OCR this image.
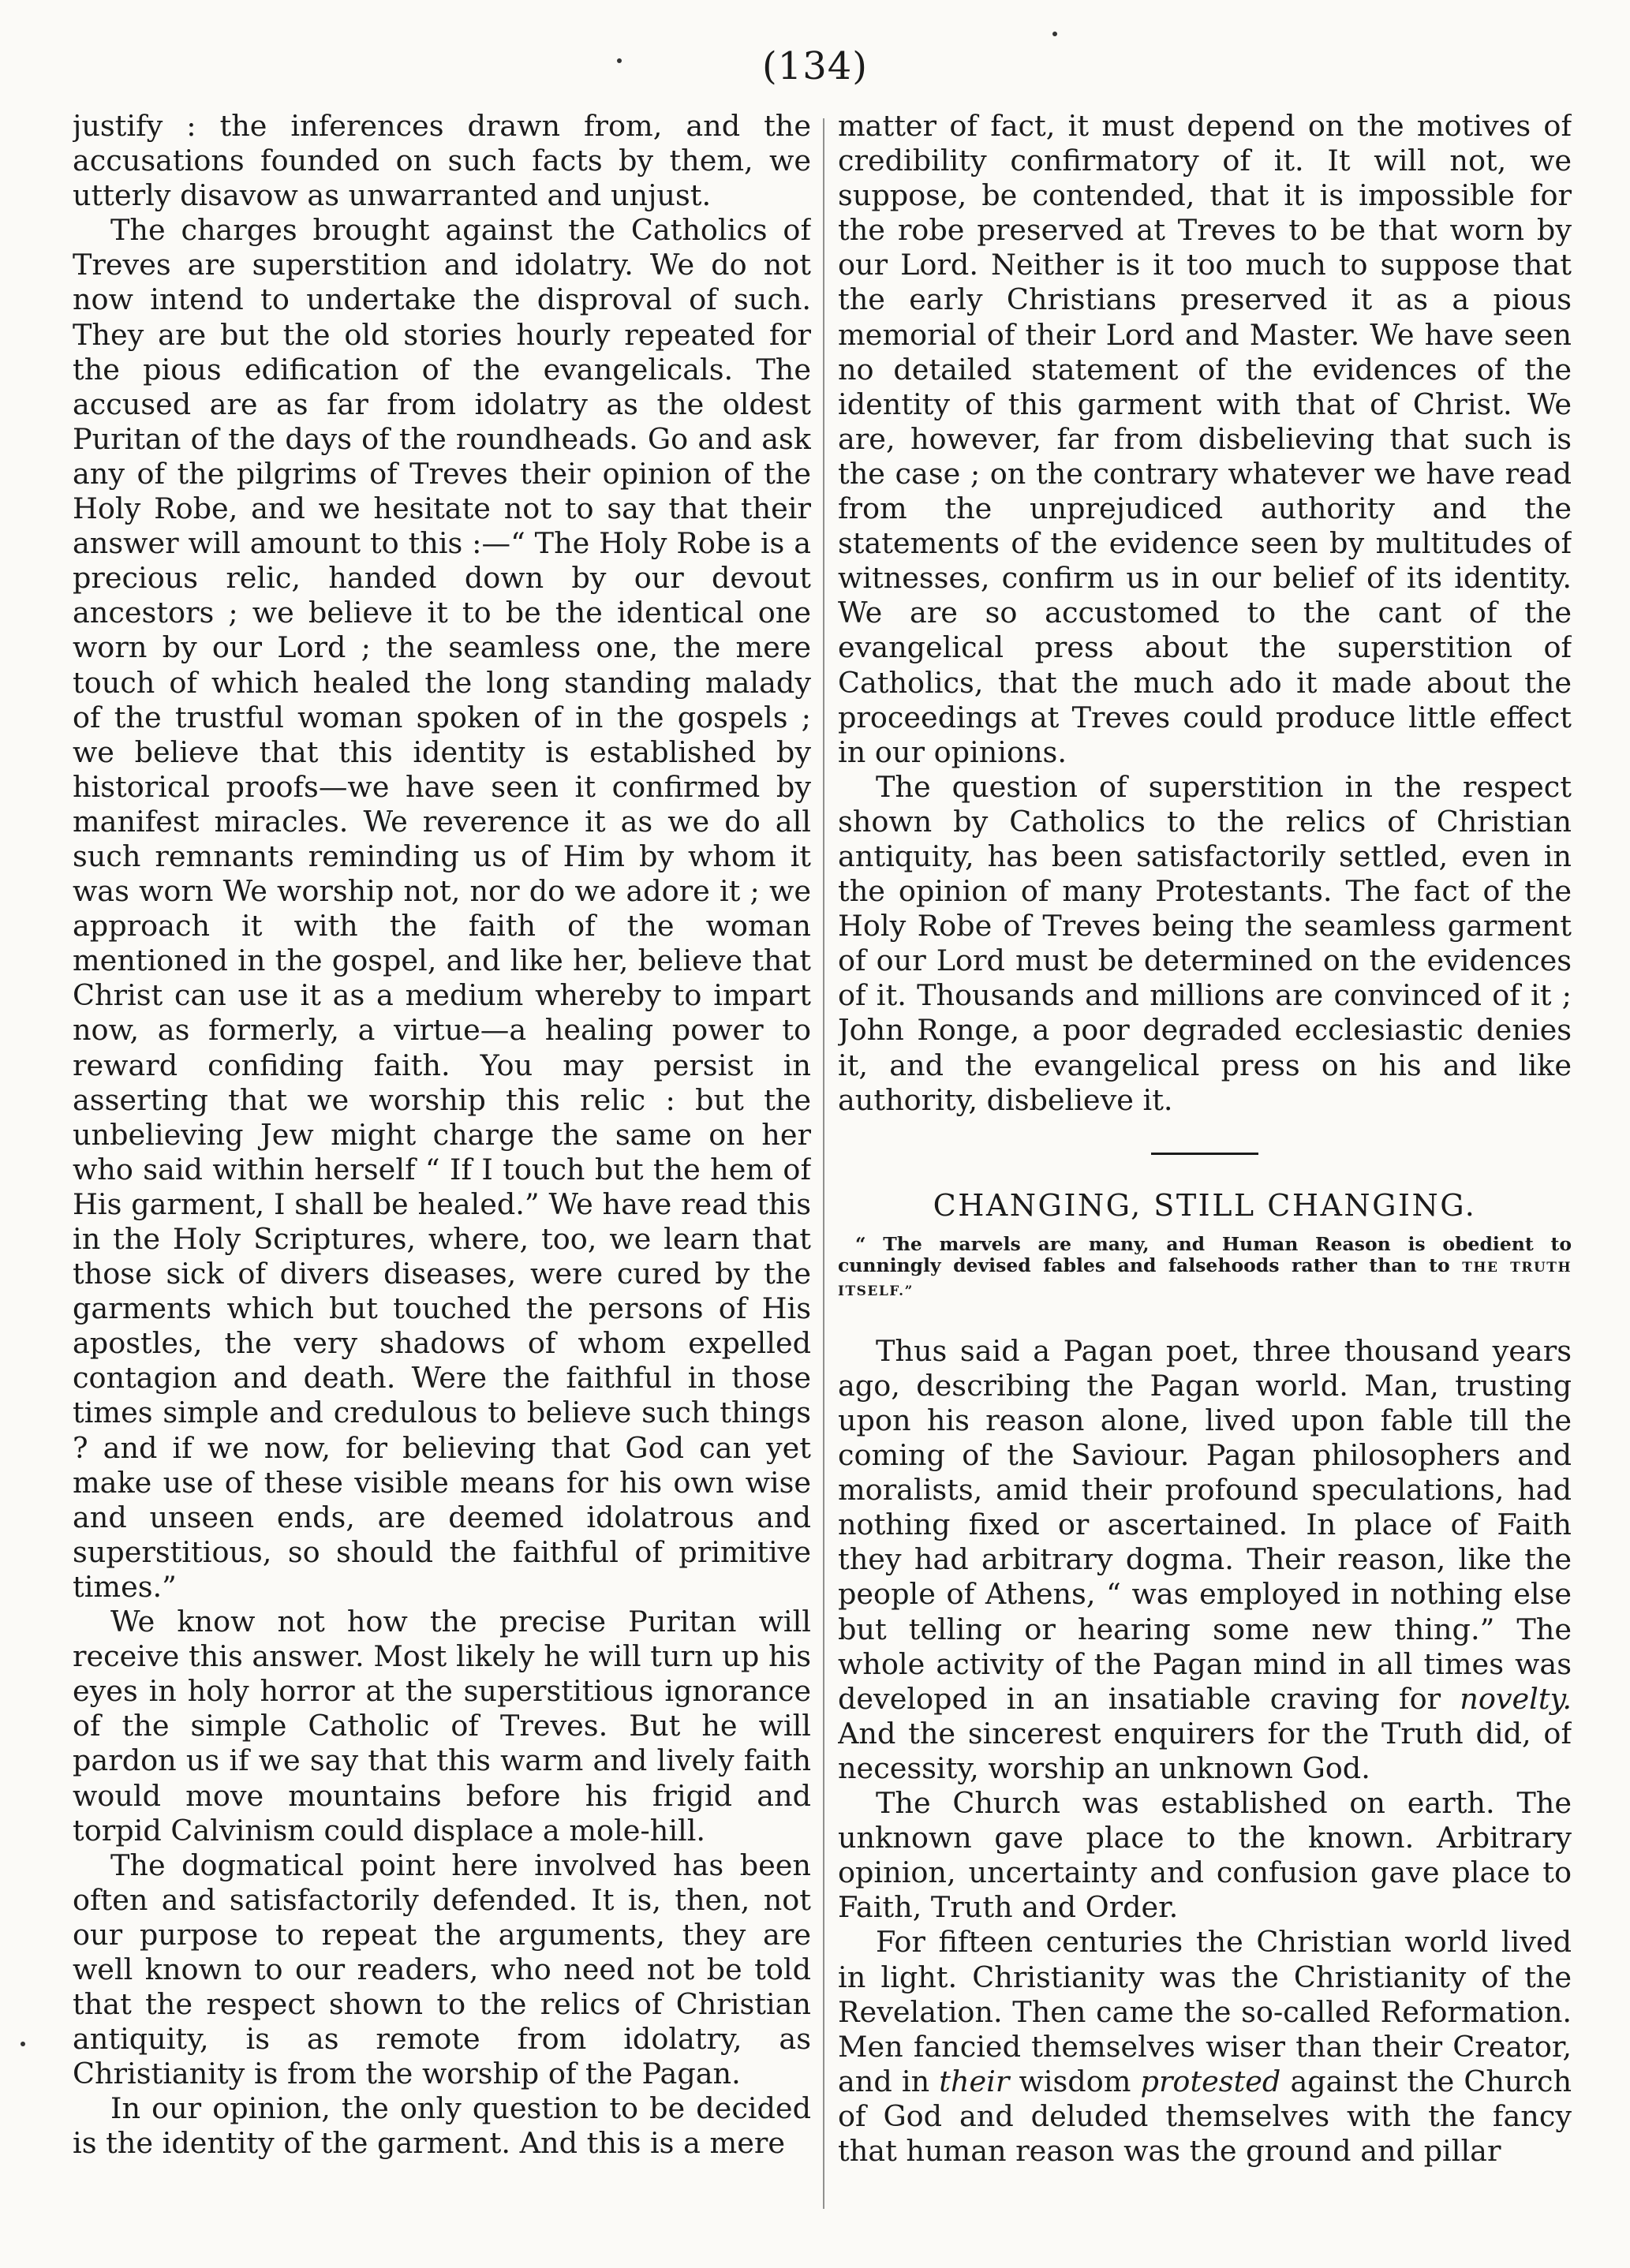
(134)

justify : the inferences drawn from, and the accusations founded on such facts by them, we utterly disavow as unwarranted and unjust.

The charges brought against the Catholics of Treves are superstition and idolatry. We do not now intend to undertake the disproval of such. They are but the old stories hourly repeated for the pious edification of the evangelicals. The accused are as far from idolatry as the oldest Puritan of the days of the roundheads. Go and ask any of the pilgrims of Treves their opinion of the Holy Robe, and we hesitate not to say that their answer will amount to this :—“ The Holy Robe is a precious relic, handed down by our devout ancestors ; we believe it to be the identical one worn by our Lord ; the seamless one, the mere touch of which healed the long standing malady of the trustful woman spoken of in the gospels ; we believe that this identity is established by historical proofs—we have seen it confirmed by manifest miracles. We reverence it as we do all such remnants reminding us of Him by whom it was worn We worship not, nor do we adore it ; we approach it with the faith of the woman mentioned in the gospel, and like her, believe that Christ can use it as a medium whereby to impart now, as formerly, a virtue—a healing power to reward confiding faith. You may persist in asserting that we worship this relic : but the unbelieving Jew might charge the same on her who said within herself “ If I touch but the hem of His garment, I shall be healed.” We have read this in the Holy Scriptures, where, too, we learn that those sick of divers diseases, were cured by the garments which but touched the persons of His apostles, the very shadows of whom expelled contagion and death. Were the faithful in those times simple and credulous to believe such things ? and if we now, for believing that God can yet make use of these visible means for his own wise and unseen ends, are deemed idolatrous and superstitious, so should the faithful of primitive times.”

We know not how the precise Puritan will receive this answer. Most likely he will turn up his eyes in holy horror at the superstitious ignorance of the simple Catholic of Treves. But he will pardon us if we say that this warm and lively faith would move mountains before his frigid and torpid Calvinism could displace a mole-hill.

The dogmatical point here involved has been often and satisfactorily defended. It is, then, not our purpose to repeat the arguments, they are well known to our readers, who need not be told that the respect shown to the relics of Christian antiquity, is as remote from idolatry, as Christianity is from the worship of the Pagan.

In our opinion, the only question to be decided is the identity of the garment. And this is a mere

matter of fact, it must depend on the motives of credibility confirmatory of it. It will not, we suppose, be contended, that it is impossible for the robe preserved at Treves to be that worn by our Lord. Neither is it too much to suppose that the early Christians preserved it as a pious memorial of their Lord and Master. We have seen no detailed statement of the evidences of the identity of this garment with that of Christ. We are, however, far from disbelieving that such is the case ; on the contrary whatever we have read from the unprejudiced authority and the statements of the evidence seen by multitudes of witnesses, confirm us in our belief of its identity. We are so accustomed to the cant of the evangelical press about the superstition of Catholics, that the much ado it made about the proceedings at Treves could produce little effect in our opinions.

The question of superstition in the respect shown by Catholics to the relics of Christian antiquity, has been satisfactorily settled, even in the opinion of many Protestants. The fact of the Holy Robe of Treves being the seamless garment of our Lord must be determined on the evidences of it. Thousands and millions are convinced of it ; John Ronge, a poor degraded ecclesiastic denies it, and the evangelical press on his and like authority, disbelieve it.

CHANGING, STILL CHANGING.

“ The marvels are many, and Human Reason is obedient to cunningly devised fables and falsehoods rather than to THE TRUTH ITSELF.”

Thus said a Pagan poet, three thousand years ago, describing the Pagan world. Man, trusting upon his reason alone, lived upon fable till the coming of the Saviour. Pagan philosophers and moralists, amid their profound speculations, had nothing fixed or ascertained. In place of Faith they had arbitrary dogma. Their reason, like the people of Athens, “ was employed in nothing else but telling or hearing some new thing.” The whole activity of the Pagan mind in all times was developed in an insatiable craving for novelty. And the sincerest enquirers for the Truth did, of necessity, worship an unknown God.

The Church was established on earth. The unknown gave place to the known. Arbitrary opinion, uncertainty and confusion gave place to Faith, Truth and Order.

For fifteen centuries the Christian world lived in light. Christianity was the Christianity of the Revelation. Then came the so-called Reformation. Men fancied themselves wiser than their Creator, and in their wisdom protested against the Church of God and deluded themselves with the fancy that human reason was the ground and pillar
